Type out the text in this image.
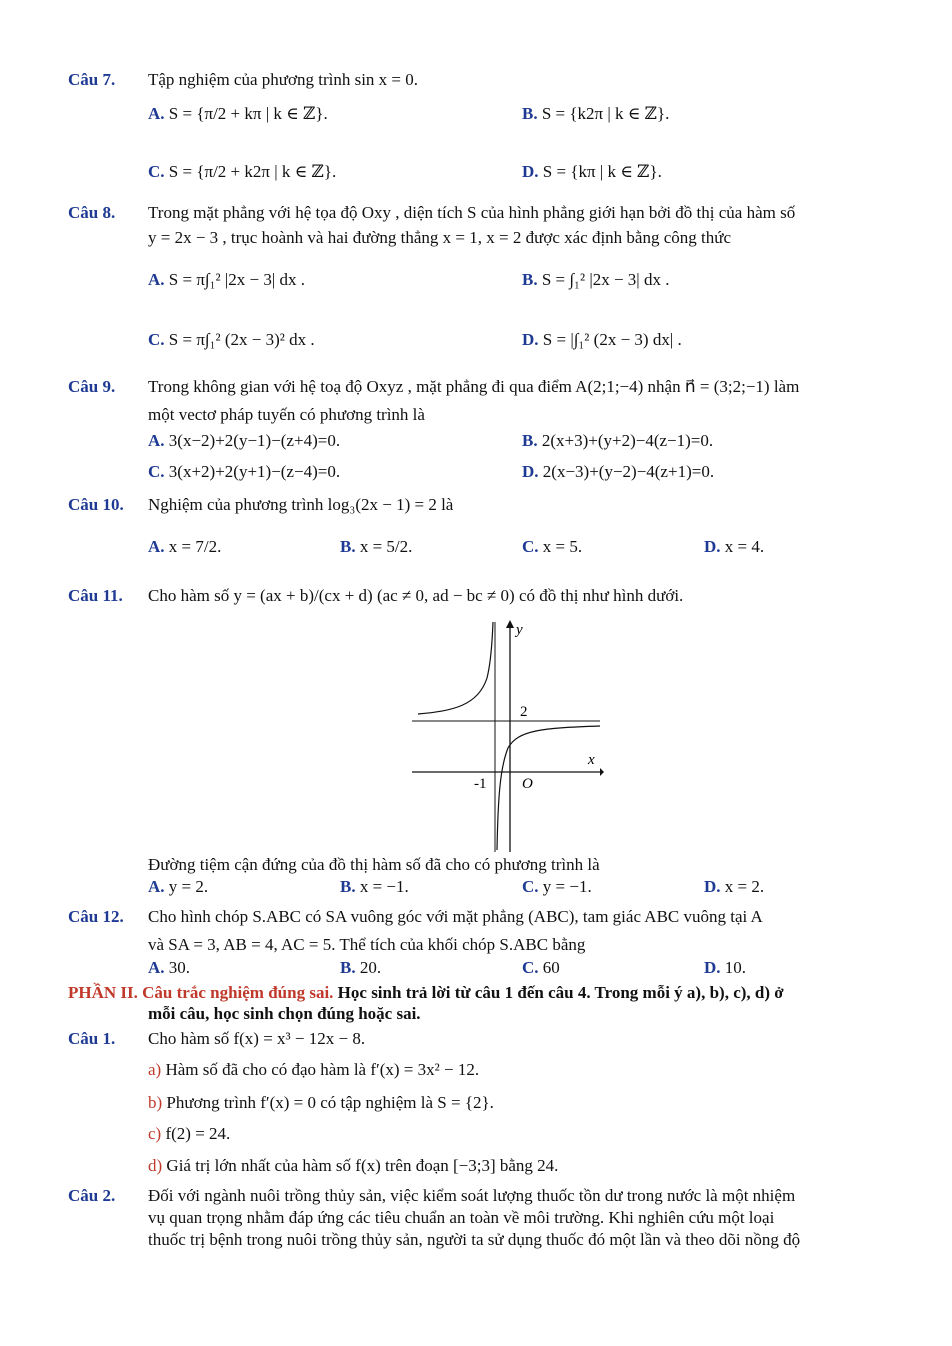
Câu 7. Tập nghiệm của phương trình sin x = 0.
A. S = {π/2 + kπ | k ∈ ℤ}.	B. S = {k2π | k ∈ ℤ}.
C. S = {π/2 + k2π | k ∈ ℤ}.	D. S = {kπ | k ∈ ℤ}.
Câu 8. Trong mặt phẳng với hệ tọa độ Oxy , diện tích S của hình phẳng giới hạn bởi đồ thị của hàm số
y = 2x − 3 , trục hoành và hai đường thẳng x = 1, x = 2 được xác định bằng công thức
A. S = π∫₁² |2x − 3| dx .	B. S = ∫₁² |2x − 3| dx .
C. S = π∫₁² (2x − 3)² dx .	D. S = |∫₁² (2x − 3) dx| .
Câu 9. Trong không gian với hệ toạ độ Oxyz , mặt phẳng đi qua điểm A(2;1;−4) nhận n⃗ = (3;2;−1) làm
một vectơ pháp tuyến có phương trình là
A. 3(x−2)+2(y−1)−(z+4)=0.	B. 2(x+3)+(y+2)−4(z−1)=0.
C. 3(x+2)+2(y+1)−(z−4)=0.	D. 2(x−3)+(y−2)−4(z+1)=0.
Câu 10. Nghiệm của phương trình log₃(2x − 1) = 2 là
A. x = 7/2.	B. x = 5/2.	C. x = 5.	D. x = 4.
Câu 11. Cho hàm số y = (ax + b)/(cx + d) (ac ≠ 0, ad − bc ≠ 0) có đồ thị như hình dưới.
y
x
2
-1 O
Đường tiệm cận đứng của đồ thị hàm số đã cho có phương trình là
A. y = 2.	B. x = −1.	C. y = −1.	D. x = 2.
Câu 12. Cho hình chóp S.ABC có SA vuông góc với mặt phẳng (ABC), tam giác ABC vuông tại A
và SA = 3, AB = 4, AC = 5. Thể tích của khối chóp S.ABC bằng
A. 30.	B. 20.	C. 60	D. 10.
PHẦN II. Câu trắc nghiệm đúng sai. Học sinh trả lời từ câu 1 đến câu 4. Trong mỗi ý a), b), c), d) ở
mỗi câu, học sinh chọn đúng hoặc sai.
Câu 1. Cho hàm số f(x) = x³ − 12x − 8.
a) Hàm số đã cho có đạo hàm là f′(x) = 3x² − 12.
b) Phương trình f′(x) = 0 có tập nghiệm là S = {2}.
c) f(2) = 24.
d) Giá trị lớn nhất của hàm số f(x) trên đoạn [−3;3] bằng 24.
Câu 2. Đối với ngành nuôi trồng thủy sản, việc kiểm soát lượng thuốc tồn dư trong nước là một nhiệm
vụ quan trọng nhằm đáp ứng các tiêu chuẩn an toàn về môi trường. Khi nghiên cứu một loại
thuốc trị bệnh trong nuôi trồng thủy sản, người ta sử dụng thuốc đó một lần và theo dõi nồng độ
